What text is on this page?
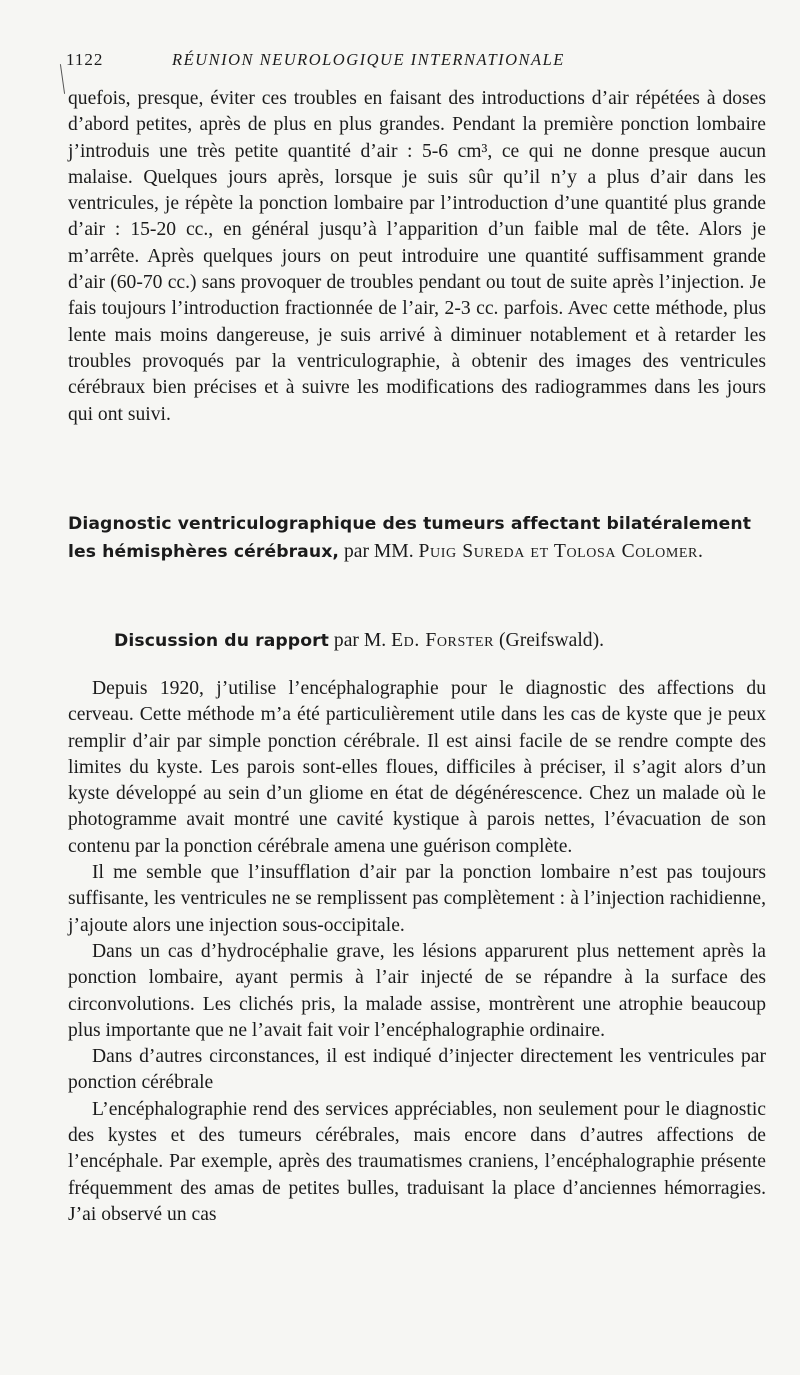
1122	RÉUNION NEUROLOGIQUE INTERNATIONALE

quefois, presque, éviter ces troubles en faisant des introductions d’air répétées à doses d’abord petites, après de plus en plus grandes. Pendant la première ponction lombaire j’introduis une très petite quantité d’air : 5-6 cm³, ce qui ne donne presque aucun malaise. Quelques jours après, lorsque je suis sûr qu’il n’y a plus d’air dans les ventricules, je répète la ponction lombaire par l’introduction d’une quantité plus grande d’air : 15-20 cc., en général jusqu’à l’apparition d’un faible mal de tête. Alors je m’arrête. Après quelques jours on peut introduire une quantité suffisamment grande d’air (60-70 cc.) sans provoquer de troubles pendant ou tout de suite après l’injection. Je fais toujours l’introduction fractionnée de l’air, 2-3 cc. parfois. Avec cette méthode, plus lente mais moins dangereuse, je suis arrivé à diminuer notablement et à retarder les troubles provoqués par la ventriculographie, à obtenir des images des ventricules cérébraux bien précises et à suivre les modifications des radiogrammes dans les jours qui ont suivi.

Diagnostic ventriculographique des tumeurs affectant bilatéralement les hémisphères cérébraux, par MM. Puig Sureda et Tolosa Colomer.
Discussion du rapport par M. Ed. Forster (Greifswald).

Depuis 1920, j’utilise l’encéphalographie pour le diagnostic des affections du cerveau. Cette méthode m’a été particulièrement utile dans les cas de kyste que je peux remplir d’air par simple ponction cérébrale. Il est ainsi facile de se rendre compte des limites du kyste. Les parois sont-elles floues, difficiles à préciser, il s’agit alors d’un kyste développé au sein d’un gliome en état de dégénérescence. Chez un malade où le photogramme avait montré une cavité kystique à parois nettes, l’évacuation de son contenu par la ponction cérébrale amena une guérison complète.

Il me semble que l’insufflation d’air par la ponction lombaire n’est pas toujours suffisante, les ventricules ne se remplissent pas complètement : à l’injection rachidienne, j’ajoute alors une injection sous-occipitale.

Dans un cas d’hydrocéphalie grave, les lésions apparurent plus nettement après la ponction lombaire, ayant permis à l’air injecté de se répandre à la surface des circonvolutions. Les clichés pris, la malade assise, montrèrent une atrophie beaucoup plus importante que ne l’avait fait voir l’encéphalographie ordinaire.

Dans d’autres circonstances, il est indiqué d’injecter directement les ventricules par ponction cérébrale

L’encéphalographie rend des services appréciables, non seulement pour le diagnostic des kystes et des tumeurs cérébrales, mais encore dans d’autres affections de l’encéphale. Par exemple, après des traumatismes craniens, l’encéphalographie présente fréquemment des amas de petites bulles, traduisant la place d’anciennes hémorragies. J’ai observé un cas
